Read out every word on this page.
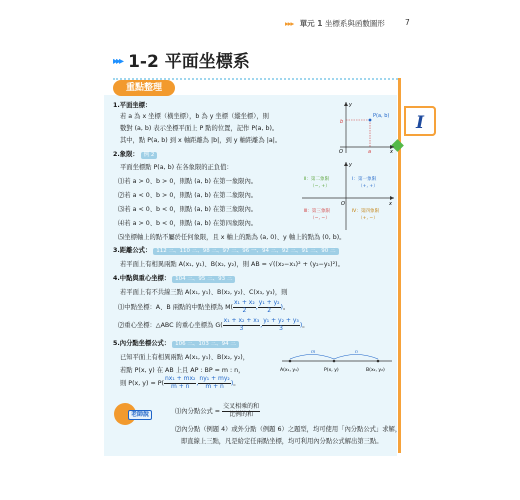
▸▸▸ 單元 1 坐標系與函數圖形	7
▸▸▸ 1-2 平面坐標系
重點整理
I
1.平面坐標：
若 a 為 x 坐標（橫坐標），b 為 y 坐標（縱坐標），則
數對 (a, b) 表示坐標平面上 P 點的位置，記作 P(a, b)。
其中，點 P(a, b) 到 x 軸距離為 |b|，到 y 軸距離為 |a|。
P(a, b)
x
y
O	a
b
2.象限： 例 2
平面坐標點 P(a, b) 在各象限的正負值：
⑴若 a > 0、b > 0，則點 (a, b) 在第一象限內。
⑵若 a < 0、b > 0，則點 (a, b) 在第二象限內。
⑶若 a < 0、b < 0，則點 (a, b) 在第三象限內。
⑷若 a > 0、b < 0，則點 (a, b) 在第四象限內。
⑸坐標軸上的點不屬於任何象限，且 x 軸上的點為 (a, 0)、y 軸上的點為 (0, b)。
Ⅱ：第二象限
（−, +）
Ⅰ：第一象限
（+, +）
Ⅲ：第三象限
（−, −）
Ⅳ：第四象限
（+, −）
x
y
O
3.距離公式： 112 三、110 三、98 三、97 三、96 一、94 三、92 三、91 三、90 三
若平面上有相異兩點 A(x₁, y₁)、B(x₂, y₂)，則 AB = √((x₂−x₁)² + (y₂−y₁)²)。
4.中點與重心坐標： 104 三、95 三、93 三
若平面上有不共線三點 A(x₁, y₁)、B(x₂, y₂)、C(x₃, y₃)，則
⑴中點坐標：A、B 兩點的中點坐標為 $M( \frac{\text{x₁ + x₂}}{2}$ , $\frac{\text{y₁ + y₂}}{2}$ )。
⑵重心坐標：△ABC 的重心坐標為 $G( \frac{\text{x₁ + x₂ + x₃}}{3}$ , $\frac{\text{y₁ + y₂ + y₃}}{3}$ )。
5.內分點坐標公式： 106 三、103 三、94 三
已知平面上有相異兩點 A(x₁, y₁)、B(x₂, y₂)，
若點 P(x, y) 在 AB 上且 AP : BP = m : n，
則 P(x, $y) = P( \frac{\text{nx₁ + mx₂}}{m + n}$ , $\frac{\text{ny₁ + my₂}}{m + n}$ )。
m	n
A(x₁, y₁)	P(x, y)	B(x₂, y₂)
老師說	⑴內分點公式 = $\frac{\text{交叉相乘的和}}{\text{比例的和}}$
⑵內分點（例題 4）或外分點（例題 6）之題型，均可使用「內分點公式」求解，
即直線上三點，凡是給定任兩點坐標，均可利用內分點公式解出第三點。
